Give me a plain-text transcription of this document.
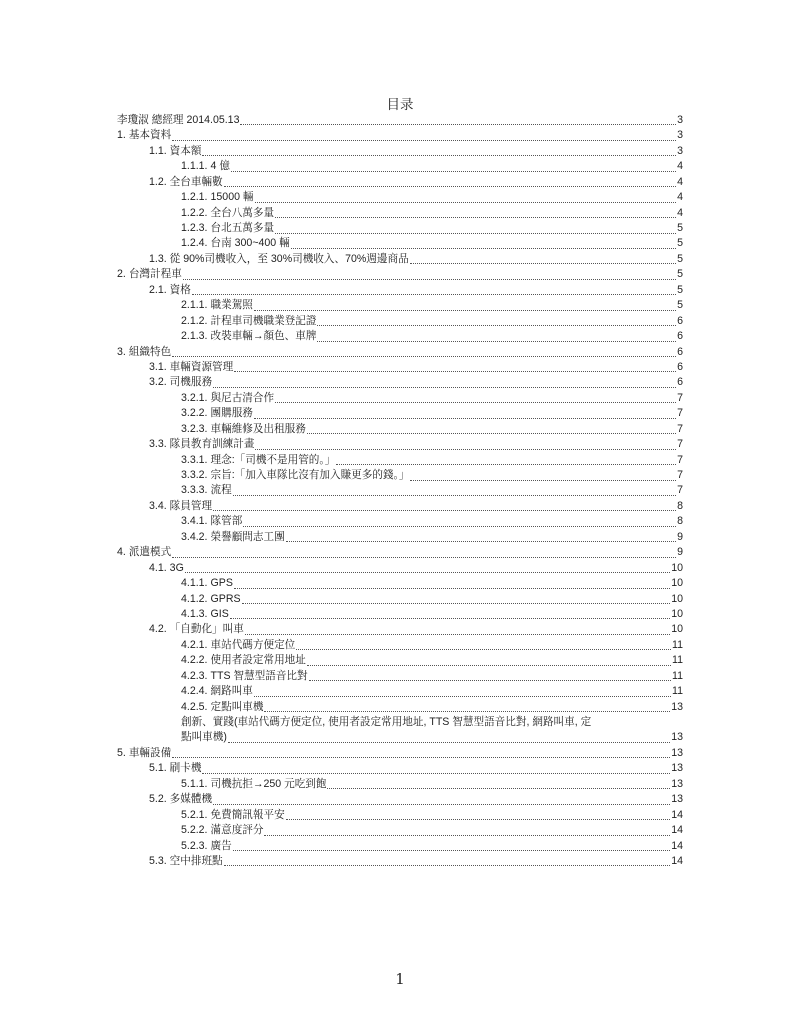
目录
李瓊淑 總經理 2014.05.13	3
1. 基本資料	3
1.1. 資本額	3
1.1.1. 4 億	4
1.2. 全台車輛數	4
1.2.1. 15000 輛	4
1.2.2. 全台八萬多量	4
1.2.3. 台北五萬多量	5
1.2.4. 台南 300~400 輛	5
1.3. 從 90%司機收入，至 30%司機收入、70%週邊商品	5
2. 台灣計程車	5
2.1. 資格	5
2.1.1. 職業駕照	5
2.1.2. 計程車司機職業登記證	6
2.1.3. 改裝車輛→顏色、車牌	6
3. 組織特色	6
3.1. 車輛資源管理	6
3.2. 司機服務	6
3.2.1. 與尼古清合作	7
3.2.2. 團購服務	7
3.2.3. 車輛維修及出租服務	7
3.3. 隊員教育訓練計畫	7
3.3.1. 理念:「司機不是用管的。」	7
3.3.2. 宗旨:「加入車隊比沒有加入賺更多的錢。」	7
3.3.3. 流程	7
3.4. 隊員管理	8
3.4.1. 隊管部	8
3.4.2. 榮譽顧問志工團	9
4. 派遣模式	9
4.1. 3G	10
4.1.1. GPS	10
4.1.2. GPRS	10
4.1.3. GIS	10
4.2. 「自動化」叫車	10
4.2.1. 車站代碼方便定位	11
4.2.2. 使用者設定常用地址	11
4.2.3. TTS 智慧型語音比對	11
4.2.4. 網路叫車	11
4.2.5. 定點叫車機	13
創新、實踐(車站代碼方便定位, 使用者設定常用地址, TTS 智慧型語音比對, 網路叫車, 定
點叫車機)	13
5. 車輛設備	13
5.1. 刷卡機	13
5.1.1. 司機抗拒→250 元吃到飽	13
5.2. 多媒體機	13
5.2.1. 免費簡訊報平安	14
5.2.2. 滿意度評分	14
5.2.3. 廣告	14
5.3. 空中排班點	14
1
